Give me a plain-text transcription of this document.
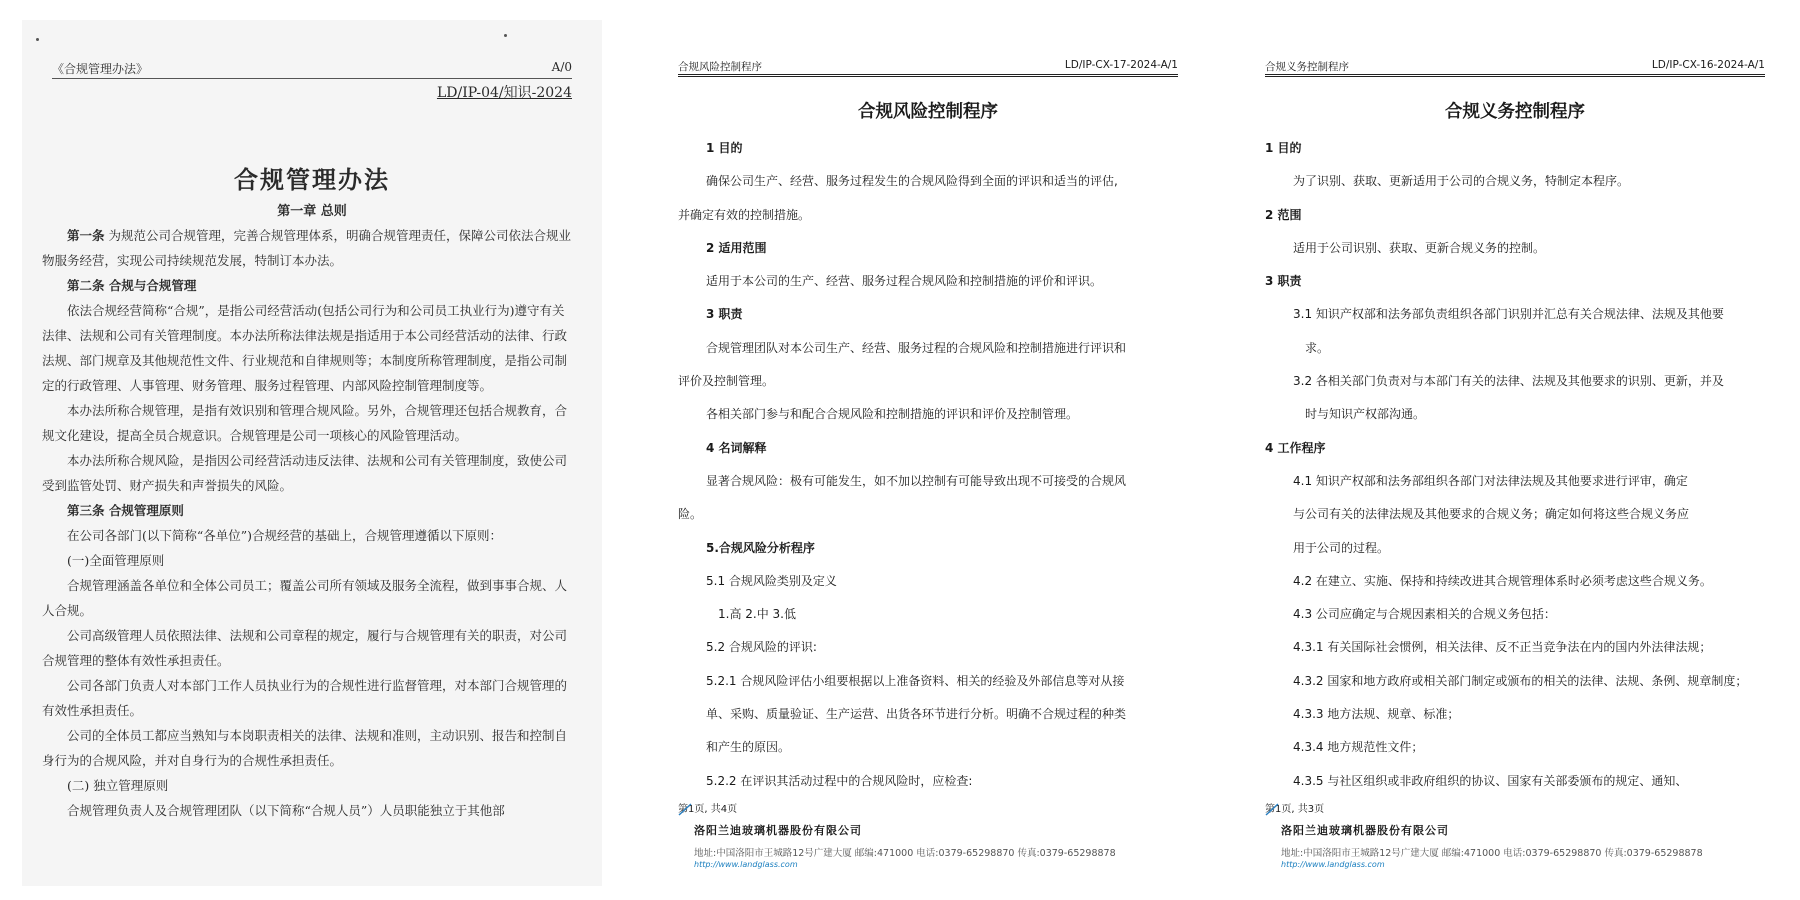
《合规管理办法》	A/0
LD/IP-04/知识-2024
合规管理办法
第一章 总则

第一条 为规范公司合规管理，完善合规管理体系，明确合规管理责任，保障公司依法合规业物服务经营，实现公司持续规范发展，特制订本办法。

第二条 合规与合规管理

依法合规经营简称“合规”，是指公司经营活动(包括公司行为和公司员工执业行为)遵守有关法律、法规和公司有关管理制度。本办法所称法律法规是指适用于本公司经营活动的法律、行政法规、部门规章及其他规范性文件、行业规范和自律规则等；本制度所称管理制度，是指公司制定的行政管理、人事管理、财务管理、服务过程管理、内部风险控制管理制度等。

本办法所称合规管理，是指有效识别和管理合规风险。另外，合规管理还包括合规教育，合规文化建设，提高全员合规意识。合规管理是公司一项核心的风险管理活动。

本办法所称合规风险，是指因公司经营活动违反法律、法规和公司有关管理制度，致使公司受到监管处罚、财产损失和声誉损失的风险。

第三条 合规管理原则

在公司各部门(以下简称“各单位”)合规经营的基础上，合规管理遵循以下原则：

(一)全面管理原则

合规管理涵盖各单位和全体公司员工；覆盖公司所有领域及服务全流程，做到事事合规、人人合规。

公司高级管理人员依照法律、法规和公司章程的规定，履行与合规管理有关的职责，对公司合规管理的整体有效性承担责任。

公司各部门负责人对本部门工作人员执业行为的合规性进行监督管理，对本部门合规管理的有效性承担责任。

公司的全体员工都应当熟知与本岗职责相关的法律、法规和准则，主动识别、报告和控制自身行为的合规风险，并对自身行为的合规性承担责任。

(二) 独立管理原则

合规管理负责人及合规管理团队（以下简称“合规人员”）人员职能独立于其他部

合规风险控制程序	LD/IP-CX-17-2024-A/1
合规风险控制程序

1 目的

确保公司生产、经营、服务过程发生的合规风险得到全面的评识和适当的评估,

并确定有效的控制措施。

2 适用范围

适用于本公司的生产、经营、服务过程合规风险和控制措施的评价和评识。

3 职责

合规管理团队对本公司生产、经营、服务过程的合规风险和控制措施进行评识和

评价及控制管理。

各相关部门参与和配合合规风险和控制措施的评识和评价及控制管理。

4 名词解释

显著合规风险：极有可能发生，如不加以控制有可能导致出现不可接受的合规风

险。

5.合规风险分析程序

5.1 合规风险类别及定义

1.高 2.中 3.低

5.2 合规风险的评识:

5.2.1 合规风险评估小组要根据以上准备资料、相关的经验及外部信息等对从接

单、采购、质量验证、生产运营、出货各环节进行分析。明确不合规过程的种类

和产生的原因。

5.2.2 在评识其活动过程中的合规风险时，应检查:

第1页, 共4页
洛阳兰迪玻璃机器股份有限公司
地址:中国洛阳市王城路12号广建大厦 邮编:471000 电话:0379-65298870 传真:0379-65298878
http://www.landglass.com
合规义务控制程序	LD/IP-CX-16-2024-A/1
合规义务控制程序

1 目的

为了识别、获取、更新适用于公司的合规义务，特制定本程序。

2 范围

适用于公司识别、获取、更新合规义务的控制。

3 职责

3.1 知识产权部和法务部负责组织各部门识别并汇总有关合规法律、法规及其他要

求。

3.2 各相关部门负责对与本部门有关的法律、法规及其他要求的识别、更新，并及

时与知识产权部沟通。

4 工作程序

4.1 知识产权部和法务部组织各部门对法律法规及其他要求进行评审，确定

与公司有关的法律法规及其他要求的合规义务；确定如何将这些合规义务应

用于公司的过程。

4.2 在建立、实施、保持和持续改进其合规管理体系时必须考虑这些合规义务。

4.3 公司应确定与合规因素相关的合规义务包括：

4.3.1 有关国际社会惯例，相关法律、反不正当竞争法在内的国内外法律法规；

4.3.2 国家和地方政府或相关部门制定或颁布的相关的法律、法规、条例、规章制度；

4.3.3 地方法规、规章、标准；

4.3.4 地方规范性文件；

4.3.5 与社区组织或非政府组织的协议、国家有关部委颁布的规定、通知、

第1页, 共3页
洛阳兰迪玻璃机器股份有限公司
地址:中国洛阳市王城路12号广建大厦 邮编:471000 电话:0379-65298870 传真:0379-65298878
http://www.landglass.com
